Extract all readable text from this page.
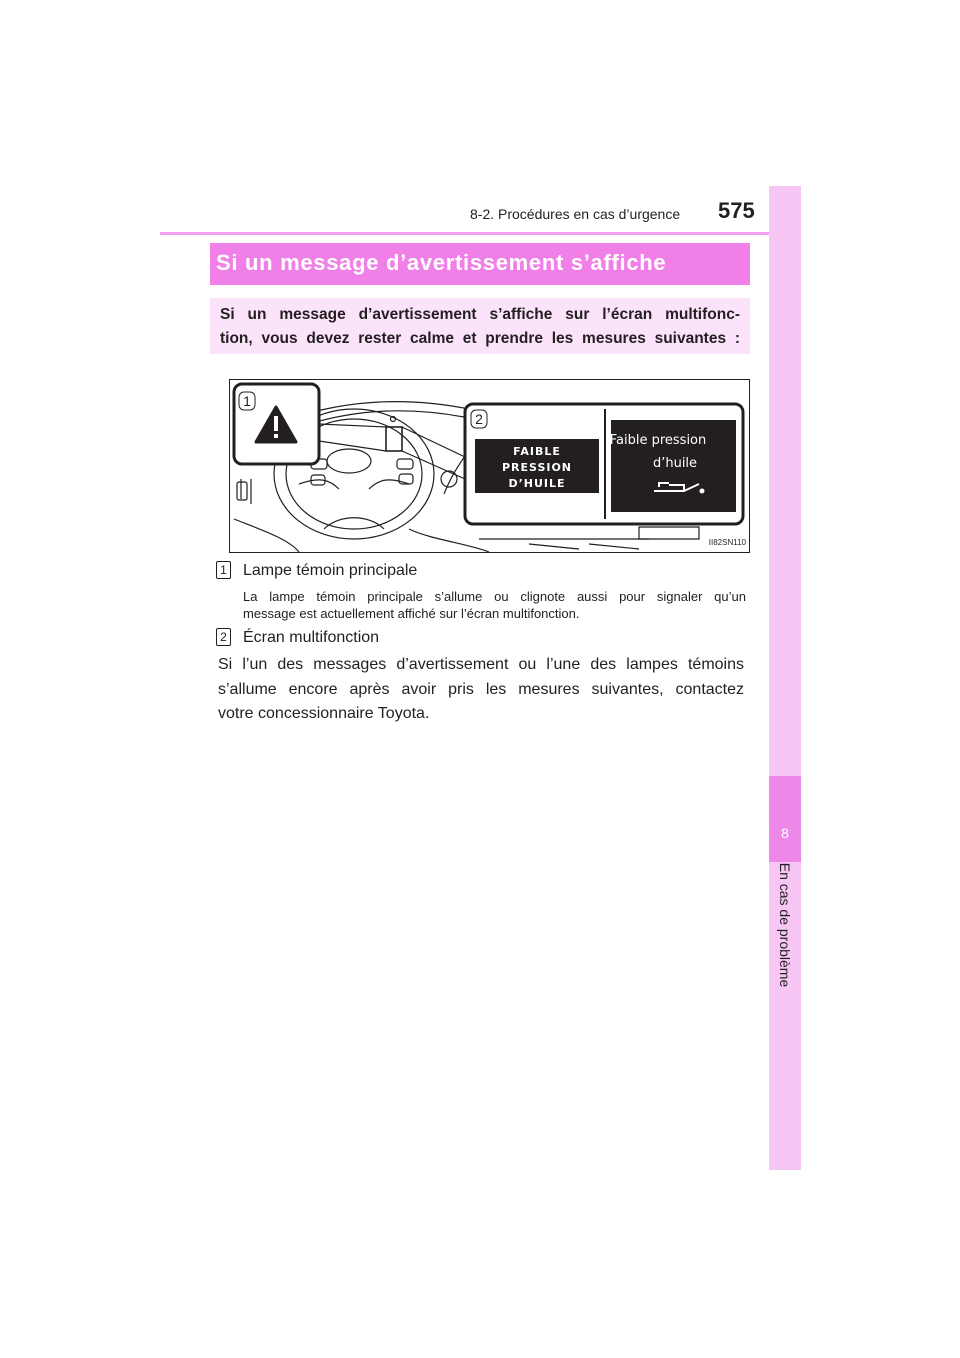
8-2. Procédures en cas d’urgence 575
8
En cas de problème
Si un message d’avertissement s’affiche
Si un message d’avertissement s’affiche sur l’écran multifonc-
tion, vous devez rester calme et prendre les mesures suivantes :
1
2
FAIBLE
PRESSION
D’HUILE
Faible pression
d’huile
II82SN110
1 Lampe témoin principale
La lampe témoin principale s’allume ou clignote aussi pour signaler qu’un
message est actuellement affiché sur l’écran multifonction.
2 Écran multifonction
Si l’un des messages d’avertissement ou l’une des lampes témoins
s’allume encore après avoir pris les mesures suivantes, contactez
votre concessionnaire Toyota.
